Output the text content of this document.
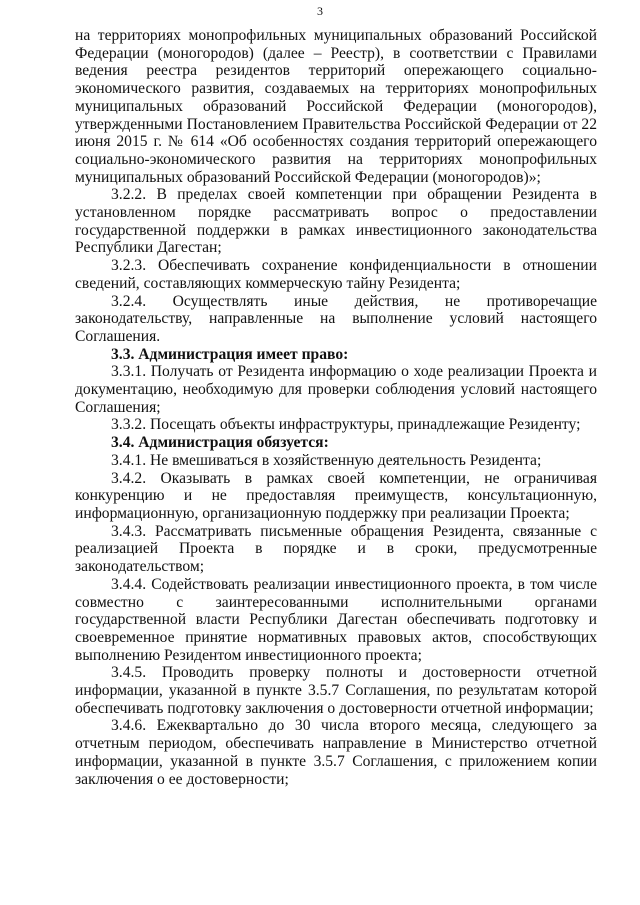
3

на территориях монопрофильных муниципальных образований Российской Федерации (моногородов) (далее – Реестр), в соответствии с Правилами ведения реестра резидентов территорий опережающего социально-экономического развития, создаваемых на территориях монопрофильных муниципальных образований Российской Федерации (моногородов), утвержденными Постановлением Правительства Российской Федерации от 22 июня 2015 г. № 614 «Об особенностях создания территорий опережающего социально-экономического развития на территориях монопрофильных муниципальных образований Российской Федерации (моногородов)»;

3.2.2. В пределах своей компетенции при обращении Резидента в установленном порядке рассматривать вопрос о предоставлении государственной поддержки в рамках инвестиционного законодательства Республики Дагестан;

3.2.3. Обеспечивать сохранение конфиденциальности в отношении сведений, составляющих коммерческую тайну Резидента;

3.2.4. Осуществлять иные действия, не противоречащие законодательству, направленные на выполнение условий настоящего Соглашения.

3.3. Администрация имеет право:

3.3.1. Получать от Резидента информацию о ходе реализации Проекта и документацию, необходимую для проверки соблюдения условий настоящего Соглашения;

3.3.2. Посещать объекты инфраструктуры, принадлежащие Резиденту;

3.4. Администрация обязуется:

3.4.1. Не вмешиваться в хозяйственную деятельность Резидента;

3.4.2. Оказывать в рамках своей компетенции, не ограничивая конкуренцию и не предоставляя преимуществ, консультационную, информационную, организационную поддержку при реализации Проекта;

3.4.3. Рассматривать письменные обращения Резидента, связанные с реализацией Проекта в порядке и в сроки, предусмотренные законодательством;

3.4.4. Содействовать реализации инвестиционного проекта, в том числе совместно с заинтересованными исполнительными органами государственной власти Республики Дагестан обеспечивать подготовку и своевременное принятие нормативных правовых актов, способствующих выполнению Резидентом инвестиционного проекта;

3.4.5. Проводить проверку полноты и достоверности отчетной информации, указанной в пункте 3.5.7 Соглашения, по результатам которой обеспечивать подготовку заключения о достоверности отчетной информации;

3.4.6. Ежеквартально до 30 числа второго месяца, следующего за отчетным периодом, обеспечивать направление в Министерство отчетной информации, указанной в пункте 3.5.7 Соглашения, с приложением копии заключения о ее достоверности;
